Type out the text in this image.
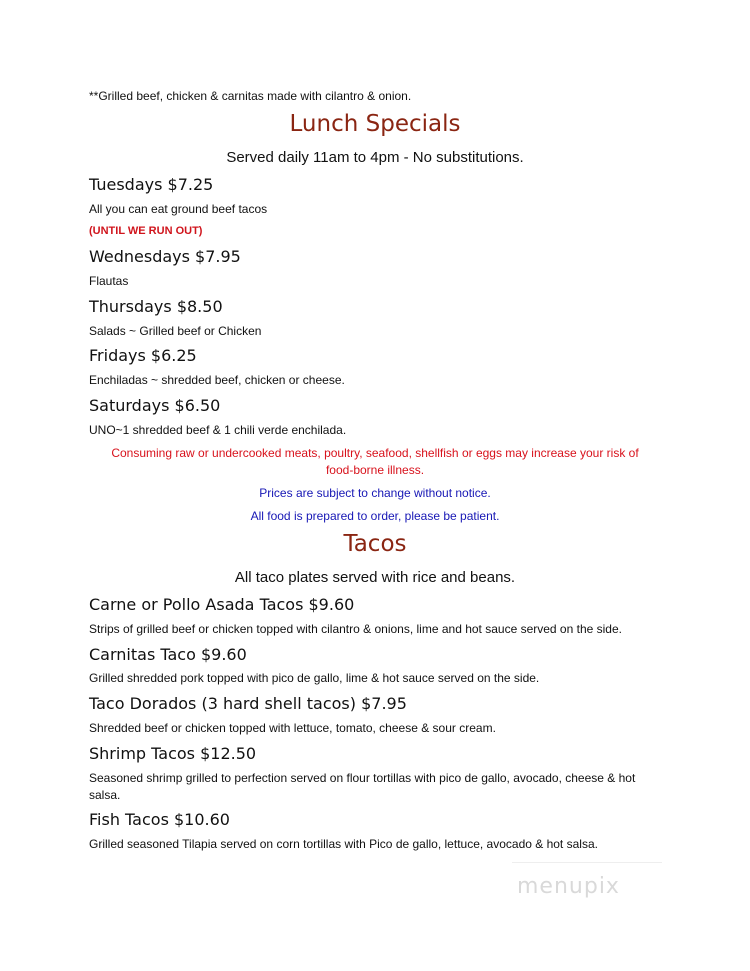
**Grilled beef, chicken & carnitas made with cilantro & onion.
Lunch Specials
Served daily 11am to 4pm - No substitutions.
Tuesdays $7.25
All you can eat ground beef tacos
(UNTIL WE RUN OUT)
Wednesdays $7.95
Flautas
Thursdays $8.50
Salads ~ Grilled beef or Chicken
Fridays $6.25
Enchiladas ~ shredded beef, chicken or cheese.
Saturdays $6.50
UNO~1 shredded beef & 1 chili verde enchilada.
Consuming raw or undercooked meats, poultry, seafood, shellfish or eggs may increase your risk of food-borne illness.
Prices are subject to change without notice.
All food is prepared to order, please be patient.
Tacos
All taco plates served with rice and beans.
Carne or Pollo Asada Tacos $9.60
Strips of grilled beef or chicken topped with cilantro & onions, lime and hot sauce served on the side.
Carnitas Taco $9.60
Grilled shredded pork topped with pico de gallo, lime & hot sauce served on the side.
Taco Dorados (3 hard shell tacos) $7.95
Shredded beef or chicken topped with lettuce, tomato, cheese & sour cream.
Shrimp Tacos $12.50
Seasoned shrimp grilled to perfection served on flour tortillas with pico de gallo, avocado, cheese & hot salsa.
Fish Tacos $10.60
Grilled seasoned Tilapia served on corn tortillas with Pico de gallo, lettuce, avocado & hot salsa.
menupix
